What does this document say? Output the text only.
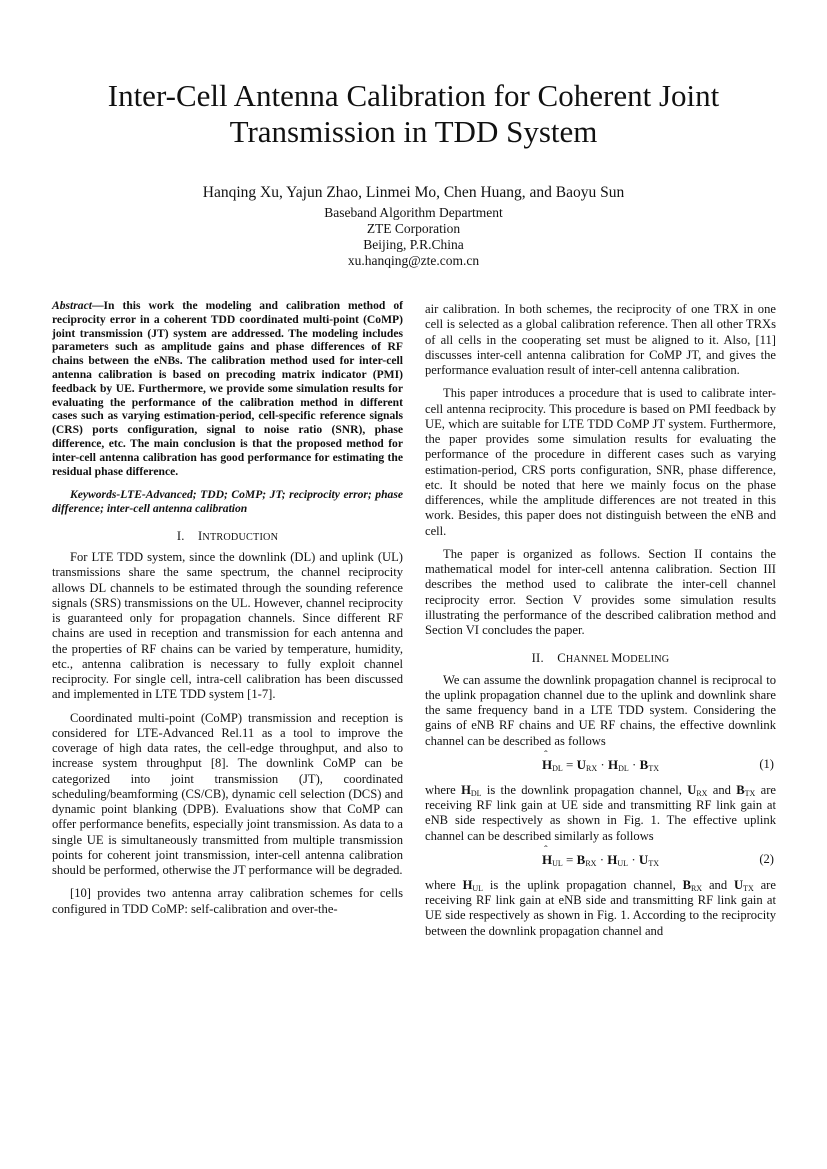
Inter-Cell Antenna Calibration for Coherent Joint
Transmission in TDD System
Hanqing Xu, Yajun Zhao, Linmei Mo, Chen Huang, and Baoyu Sun
Baseband Algorithm Department
ZTE Corporation
Beijing, P.R.China
xu.hanqing@zte.com.cn

Abstract—In this work the modeling and calibration method of reciprocity error in a coherent TDD coordinated multi-point (CoMP) joint transmission (JT) system are addressed. The modeling includes parameters such as amplitude gains and phase differences of RF chains between the eNBs. The calibration method used for inter-cell antenna calibration is based on precoding matrix indicator (PMI) feedback by UE. Furthermore, we provide some simulation results for evaluating the performance of the calibration method in different cases such as varying estimation-period, cell-specific reference signals (CRS) ports configuration, signal to noise ratio (SNR), phase difference, etc. The main conclusion is that the proposed method for inter-cell antenna calibration has good performance for estimating the residual phase difference.

Keywords-LTE-Advanced; TDD; CoMP; JT; reciprocity error; phase difference; inter-cell antenna calibration

I. INTRODUCTION

For LTE TDD system, since the downlink (DL) and uplink (UL) transmissions share the same spectrum, the channel reciprocity allows DL channels to be estimated through the sounding reference signals (SRS) transmissions on the UL. However, channel reciprocity is guaranteed only for propagation channels. Since different RF chains are used in reception and transmission for each antenna and the properties of RF chains can be varied by temperature, humidity, etc., antenna calibration is necessary to fully exploit channel reciprocity. For single cell, intra-cell calibration has been discussed and implemented in LTE TDD system [1-7].

Coordinated multi-point (CoMP) transmission and reception is considered for LTE-Advanced Rel.11 as a tool to improve the coverage of high data rates, the cell-edge throughput, and also to increase system throughput [8]. The downlink CoMP can be categorized into joint transmission (JT), coordinated scheduling/beamforming (CS/CB), dynamic cell selection (DCS) and dynamic point blanking (DPB). Evaluations show that CoMP can offer performance benefits, especially joint transmission. As data to a single UE is simultaneously transmitted from multiple transmission points for coherent joint transmission, inter-cell antenna calibration should be performed, otherwise the JT performance will be degraded.

[10] provides two antenna array calibration schemes for cells configured in TDD CoMP: self-calibration and over-the-

air calibration. In both schemes, the reciprocity of one TRX in one cell is selected as a global calibration reference. Then all other TRXs of all cells in the cooperating set must be aligned to it. Also, [11] discusses inter-cell antenna calibration for CoMP JT, and gives the performance evaluation result of inter-cell antenna calibration.

This paper introduces a procedure that is used to calibrate inter-cell antenna reciprocity. This procedure is based on PMI feedback by UE, which are suitable for LTE TDD CoMP JT system. Furthermore, the paper provides some simulation results for evaluating the performance of the procedure in different cases such as varying estimation-period, CRS ports configuration, SNR, phase difference, etc. It should be noted that here we mainly focus on the phase differences, while the amplitude differences are not treated in this work. Besides, this paper does not distinguish between the eNB and cell.

The paper is organized as follows. Section II contains the mathematical model for inter-cell antenna calibration. Section III describes the method used to calibrate the inter-cell channel reciprocity error. Section V provides some simulation results illustrating the performance of the described calibration method and Section VI concludes the paper.

II. CHANNEL MODELING

We can assume the downlink propagation channel is reciprocal to the uplink propagation channel due to the uplink and downlink share the same frequency band in a LTE TDD system. Considering the gains of eNB RF chains and UE RF chains, the effective downlink channel can be described as follows

ˆ $H_{DL} = U_{RX} \cdot H_{DL} \cdot B_{TX}$	(1)

where $H_{DL}$ is the downlink propagation channel, $U_{RX}$ and $B_{TX}$ are receiving RF link gain at UE side and transmitting RF link gain at eNB side respectively as shown in Fig. 1. The effective uplink channel can be described similarly as follows

ˆ $H_{UL} = B_{RX} \cdot H_{UL} \cdot U_{TX}$	(2)

where $H_{UL}$ is the uplink propagation channel, $B_{RX}$ and $U_{TX}$ are receiving RF link gain at eNB side and transmitting RF link gain at UE side respectively as shown in Fig. 1. According to the reciprocity between the downlink propagation channel and
